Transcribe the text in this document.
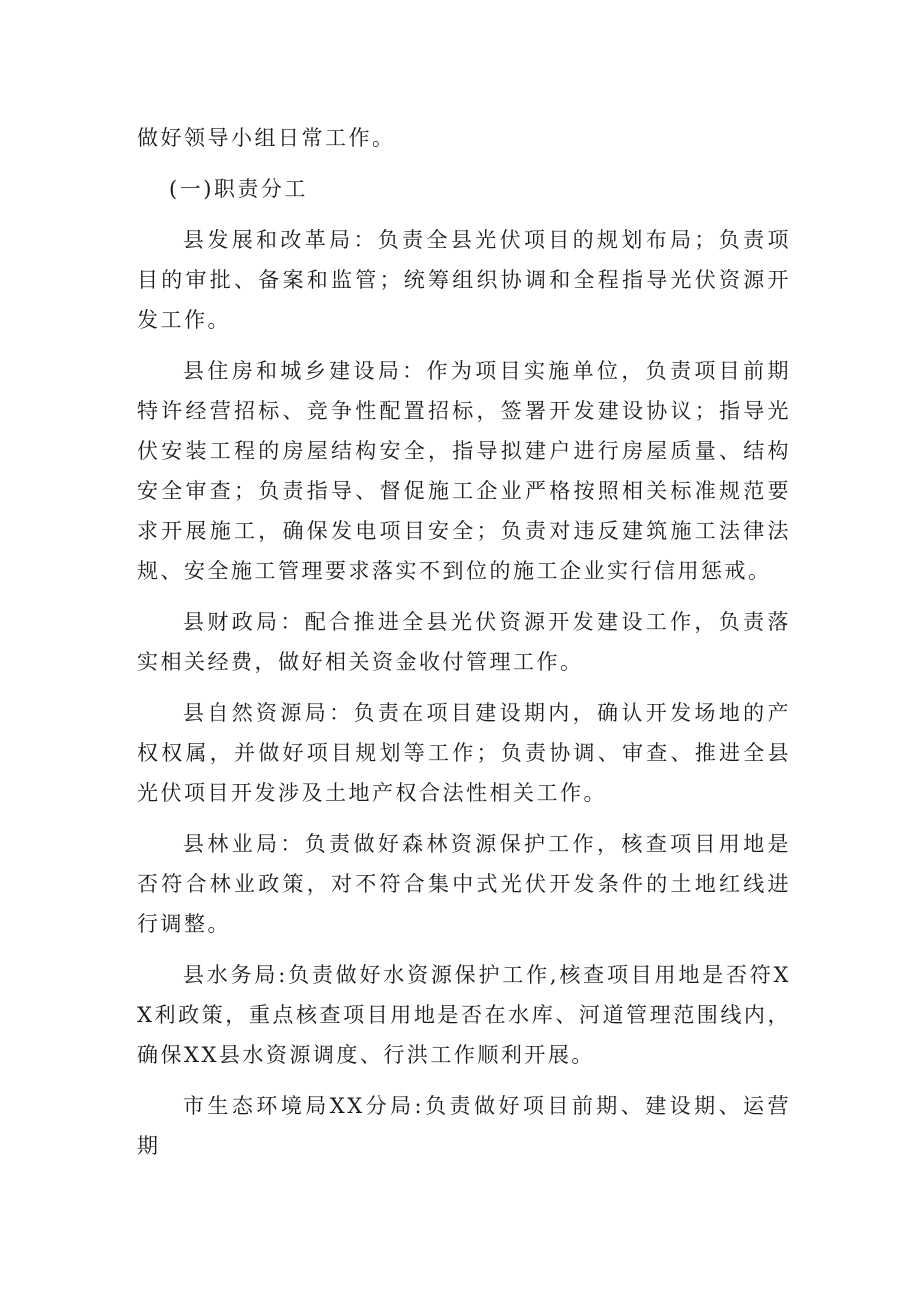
做好领导小组日常工作。

(一)职责分工

县发展和改革局：负责全县光伏项目的规划布局；负责项目的审批、备案和监管；统筹组织协调和全程指导光伏资源开发工作。

县住房和城乡建设局：作为项目实施单位，负责项目前期特许经营招标、竞争性配置招标，签署开发建设协议；指导光伏安装工程的房屋结构安全，指导拟建户进行房屋质量、结构安全审查；负责指导、督促施工企业严格按照相关标准规范要求开展施工，确保发电项目安全；负责对违反建筑施工法律法规、安全施工管理要求落实不到位的施工企业实行信用惩戒。

县财政局：配合推进全县光伏资源开发建设工作，负责落实相关经费，做好相关资金收付管理工作。

县自然资源局：负责在项目建设期内，确认开发场地的产权权属，并做好项目规划等工作；负责协调、审查、推进全县光伏项目开发涉及土地产权合法性相关工作。

县林业局：负责做好森林资源保护工作，核查项目用地是否符合林业政策，对不符合集中式光伏开发条件的土地红线进行调整。

县水务局:负责做好水资源保护工作,核查项目用地是否符XX利政策，重点核查项目用地是否在水库、河道管理范围线内，确保XX县水资源调度、行洪工作顺利开展。

市生态环境局XX分局:负责做好项目前期、建设期、运营期
